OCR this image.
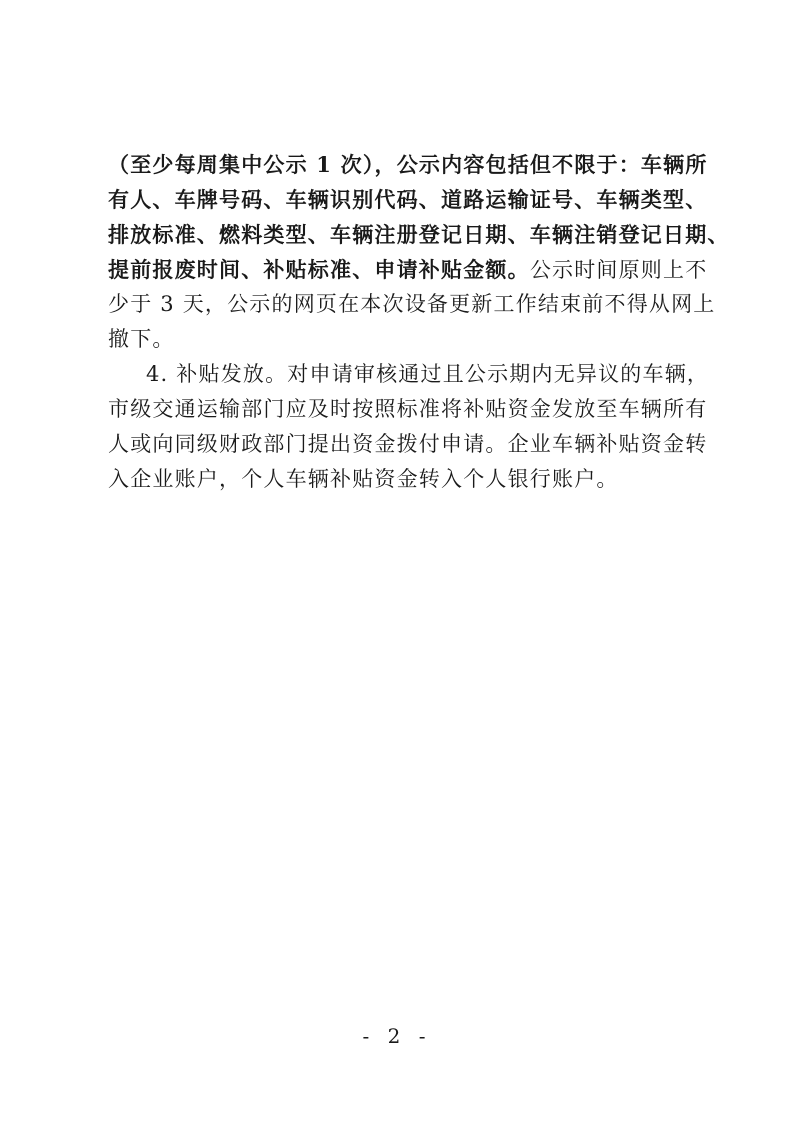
（至少每周集中公示 1 次），公示内容包括但不限于：车辆所
有人、车牌号码、车辆识别代码、道路运输证号、车辆类型、
排放标准、燃料类型、车辆注册登记日期、车辆注销登记日期、
提前报废时间、补贴标准、申请补贴金额。公示时间原则上不
少于 3 天，公示的网页在本次设备更新工作结束前不得从网上
撤下。
4. 补贴发放。对申请审核通过且公示期内无异议的车辆，
市级交通运输部门应及时按照标准将补贴资金发放至车辆所有
人或向同级财政部门提出资金拨付申请。企业车辆补贴资金转
入企业账户，个人车辆补贴资金转入个人银行账户。
- 2 -
